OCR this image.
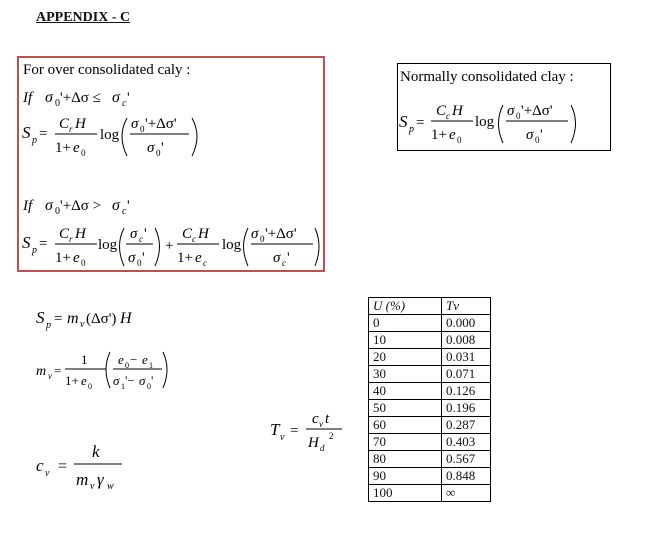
APPENDIX - C
For over consolidated caly :
If σ 0 '+Δσ ≤ σ c '
S p =
C r H
1+ e 0
log
σ 0 '+Δσ'
σ 0 '
If σ 0 '+Δσ > σ c '
S p =
C r H
1+ e 0
log
σ c '
σ 0 '
+
C c H
1+ e c
log
σ 0 '+Δσ'
σ c '
Normally consolidated clay :
S p =
C c H
1+ e 0
log
σ 0 '+Δσ'
σ 0 '
S p = m v (Δσ') H
m v =
1
1+ e 0
e 0 − e 1
σ 1 '− σ 0 '
c v =
k
m v γ w
T v =
c v t
H d
2
U (%)	Tv
0	0.000
10	0.008
20	0.031
30	0.071
40	0.126
50	0.196
60	0.287
70	0.403
80	0.567
90	0.848
100	∞
